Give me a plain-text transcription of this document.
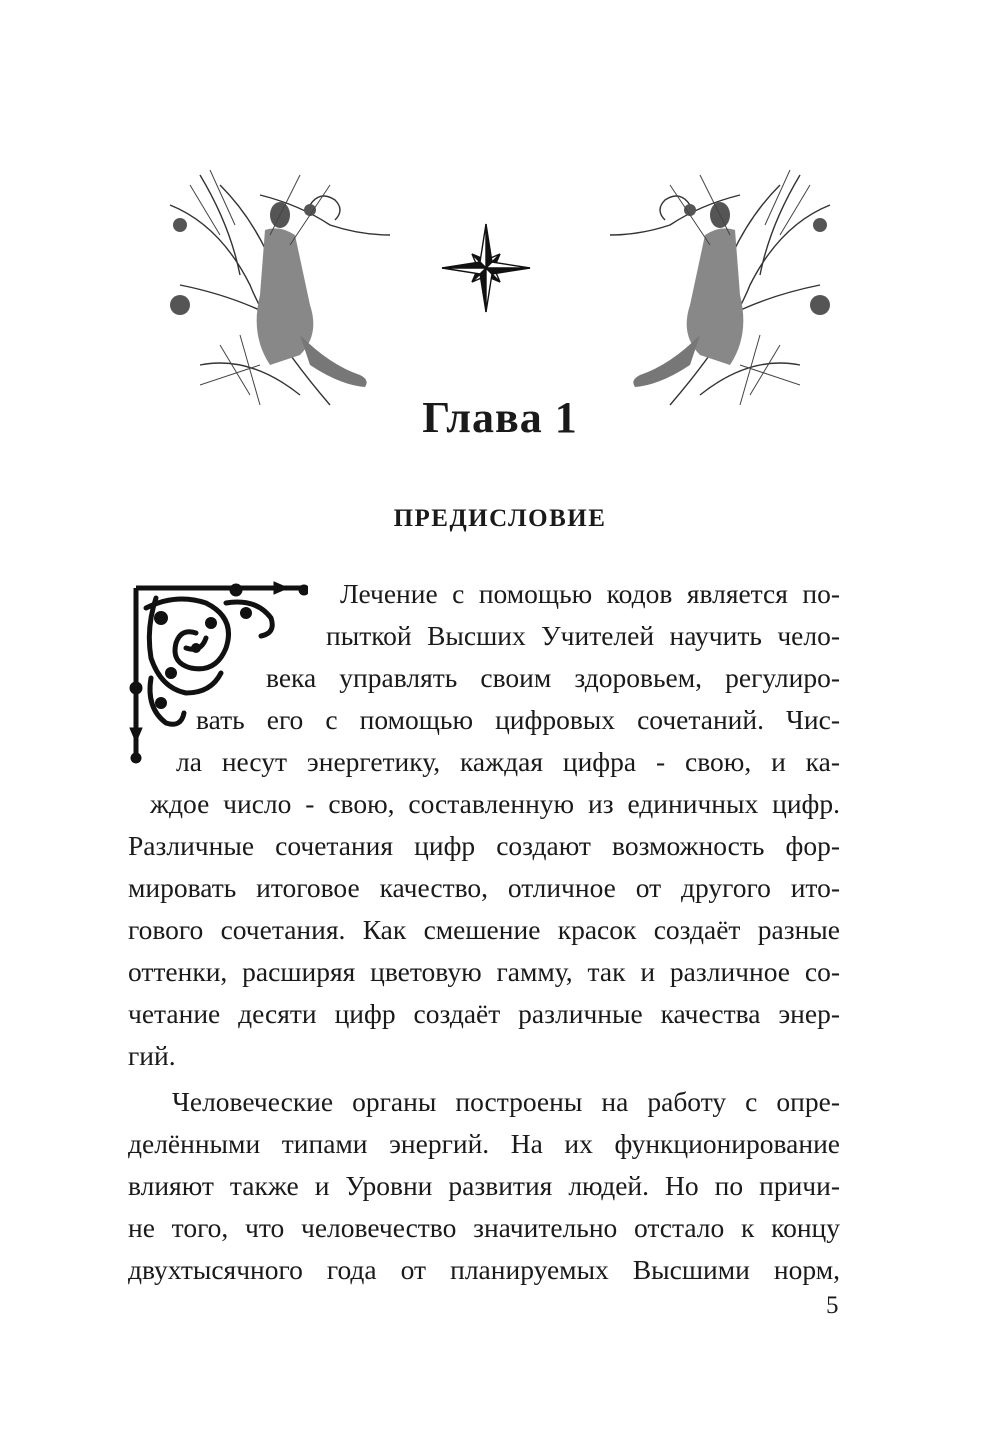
Глава 1
ПРЕДИСЛОВИЕ
Лечение с помощью кодов является по-
пыткой Высших Учителей научить чело-
века управлять своим здоровьем, регулиро-
вать его с помощью цифровых сочетаний. Чис-
ла несут энергетику, каждая цифра - свою, и ка-
ждое число - свою, составленную из единичных цифр.
Различные сочетания цифр создают возможность фор-
мировать итоговое качество, отличное от другого ито-
гового сочетания. Как смешение красок создаёт разные
оттенки, расширяя цветовую гамму, так и различное со-
четание десяти цифр создаёт различные качества энер-
гий.
Человеческие органы построены на работу с опре-
делёнными типами энергий. На их функционирование
влияют также и Уровни развития людей. Но по причи-
не того, что человечество значительно отстало к концу
двухтысячного года от планируемых Высшими норм,
5
